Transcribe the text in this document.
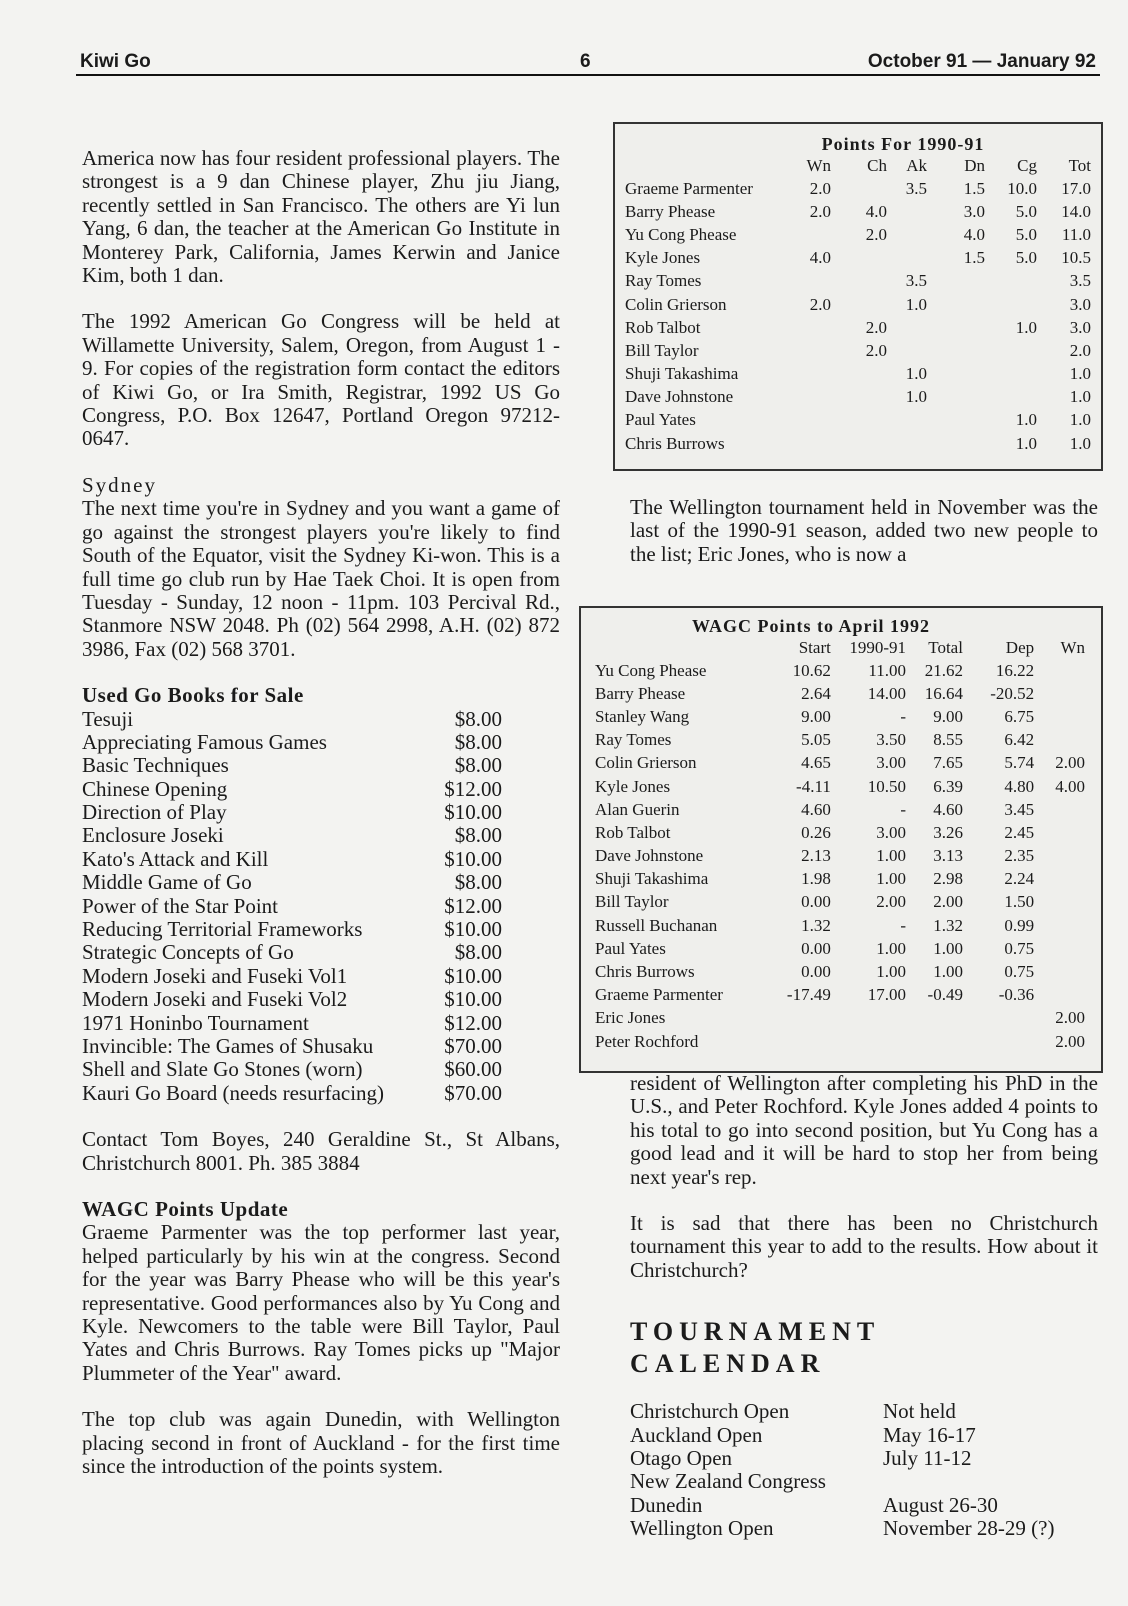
Kiwi Go	6	October 91 — January 92

America now has four resident professional players. The strongest is a 9 dan Chinese player, Zhu jiu Jiang, recently settled in San Francisco. The others are Yi lun Yang, 6 dan, the teacher at the American Go Institute in Monterey Park, California, James Kerwin and Janice Kim, both 1 dan.

The 1992 American Go Congress will be held at Willamette University, Salem, Oregon, from August 1 - 9. For copies of the registration form contact the editors of Kiwi Go, or Ira Smith, Registrar, 1992 US Go Congress, P.O. Box 12647, Portland Oregon 97212-0647.

Sydney

The next time you're in Sydney and you want a game of go against the strongest players you're likely to find South of the Equator, visit the Sydney Ki-won. This is a full time go club run by Hae Taek Choi. It is open from Tuesday - Sunday, 12 noon - 11pm. 103 Percival Rd., Stanmore NSW 2048. Ph (02) 564 2998, A.H. (02) 872 3986, Fax (02) 568 3701.

Used Go Books for Sale
Tesuji	$8.00
Appreciating Famous Games	$8.00
Basic Techniques	$8.00
Chinese Opening	$12.00
Direction of Play	$10.00
Enclosure Joseki	$8.00
Kato's Attack and Kill	$10.00
Middle Game of Go	$8.00
Power of the Star Point	$12.00
Reducing Territorial Frameworks	$10.00
Strategic Concepts of Go	$8.00
Modern Joseki and Fuseki Vol1	$10.00
Modern Joseki and Fuseki Vol2	$10.00
1971 Honinbo Tournament	$12.00
Invincible: The Games of Shusaku	$70.00
Shell and Slate Go Stones (worn)	$60.00
Kauri Go Board (needs resurfacing)	$70.00

Contact Tom Boyes, 240 Geraldine St., St Albans, Christchurch 8001. Ph. 385 3884

WAGC Points Update

Graeme Parmenter was the top performer last year, helped particularly by his win at the congress. Second for the year was Barry Phease who will be this year's representative. Good performances also by Yu Cong and Kyle. Newcomers to the table were Bill Taylor, Paul Yates and Chris Burrows. Ray Tomes picks up "Major Plummeter of the Year" award.

The top club was again Dunedin, with Wellington placing second in front of Auckland - for the first time since the introduction of the points system.

Points For 1990-91
	Wn	Ch	Ak	Dn	Cg	Tot
Graeme Parmenter	2.0		3.5	1.5	10.0	17.0
Barry Phease	2.0	4.0		3.0	5.0	14.0
Yu Cong Phease		2.0		4.0	5.0	11.0
Kyle Jones	4.0			1.5	5.0	10.5
Ray Tomes			3.5			3.5
Colin Grierson	2.0		1.0			3.0
Rob Talbot		2.0			1.0	3.0
Bill Taylor		2.0				2.0
Shuji Takashima			1.0			1.0
Dave Johnstone			1.0			1.0
Paul Yates					1.0	1.0
Chris Burrows					1.0	1.0

The Wellington tournament held in November was the last of the 1990-91 season, added two new people to the list; Eric Jones, who is now a

WAGC Points to April 1992
	Start	1990-91	Total	Dep	Wn
Yu Cong Phease	10.62	11.00	21.62	16.22	
Barry Phease	2.64	14.00	16.64	-20.52	
Stanley Wang	9.00	-	9.00	6.75	
Ray Tomes	5.05	3.50	8.55	6.42	
Colin Grierson	4.65	3.00	7.65	5.74	2.00
Kyle Jones	-4.11	10.50	6.39	4.80	4.00
Alan Guerin	4.60	-	4.60	3.45	
Rob Talbot	0.26	3.00	3.26	2.45	
Dave Johnstone	2.13	1.00	3.13	2.35	
Shuji Takashima	1.98	1.00	2.98	2.24	
Bill Taylor	0.00	2.00	2.00	1.50	
Russell Buchanan	1.32	-	1.32	0.99	
Paul Yates	0.00	1.00	1.00	0.75	
Chris Burrows	0.00	1.00	1.00	0.75	
Graeme Parmenter	-17.49	17.00	-0.49	-0.36	
Eric Jones					2.00
Peter Rochford					2.00

resident of Wellington after completing his PhD in the U.S., and Peter Rochford. Kyle Jones added 4 points to his total to go into second position, but Yu Cong has a good lead and it will be hard to stop her from being next year's rep.

It is sad that there has been no Christchurch tournament this year to add to the results. How about it Christchurch?

TOURNAMENT
CALENDAR
Christchurch Open	Not held
Auckland Open	May 16-17
Otago Open	July 11-12
New Zealand Congress
Dunedin	August 26-30
Wellington Open	November 28-29 (?)
